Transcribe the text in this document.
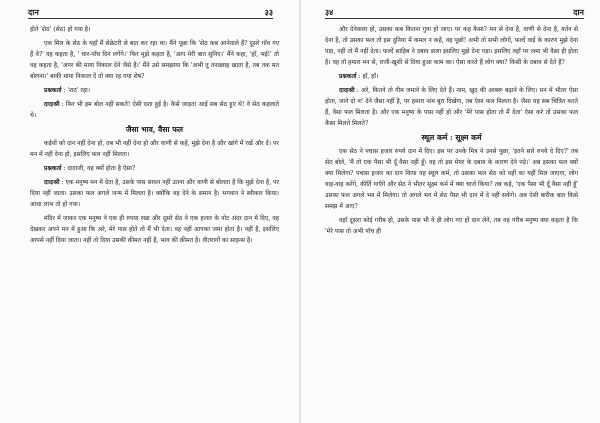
दान	३३

होते 'शेठ' (सेठ) हो गया है।

एक मिल के सेठ के यहाँ मैं सेक्रेटरी से बात कर रहा था। मैंने पूछा कि 'सेठ कब आनेवाले हैं? दूसरे गाँव गए हैं वे?' वह कहता है, ' चार-पाँच दिन लगेंगे।' फिर मुझे कहता है, 'आप मेरी बात सुनिए।' मैंने कहा, 'हाँ, भई!' तो वह कहता है, 'अपर की माया निकाल देने जैसे हैं।' मैंने उसे समझाया कि 'अभी तू तनख्वाह खाता है, तब तक मत बोलना।' बाकी माया निकाल दें तो क्या रह गया शेष?

प्रश्नकर्ता : 'शठ' रहा।

दादाश्री : फिर भी हम बोल नहीं सकते! ऐसी दशा हुई है। कैसे जाड़ता आई सब सेठ हुए थे! वे सेठ कहलाते थे।

जैसा भाव, वैसा फल

कईयों को दान नहीं देना हो, तब भी नहीं देना हो और वाणी से कहें, मुझे देना है और खांगे में रखें और दें। पर मन में नहीं देना हो, इसलिए फल नहीं मिलता।

प्रश्नकर्ता : दादाजी, वह क्यों होता है ऐसा?

दादाश्री : एक मनुष्य मन में देता है, उसके पास साधन नहीं उतना और वाणी से बोलता है कि मुझे देना है, पर दिया नहीं जाता। उसका फल अगले जन्म में मिलता है। क्योंकि वह देने के समान है। भगवान ने स्वीकार किया। आधा लाभ तो हो गया।

मंदिर में जाकर एक मनुष्य ने एक ही रुपया रखा और दूसरे सेठ ने एक हजार के नोट अंदर दान में दिए, वह देखकर अपने मन में हुआ कि अरे, मेरे पास होते तो मैं भी देता। वह नहीं आपका जमा होता है। नहीं है, इसलिए आपसे नहीं दिया जाता। नहीं तो दिया उसकी क़ीमत नहीं है, भाव की क़ीमत है। वीतरागों का साइन्स है।

३४	दान

और देनेवाला हो, उसका कब कितना गुना हो जाए। पर कह कैसा? मन से देना है, वाणी से देना है, वर्तन से देना है, तो उसका फल तो इस दुनिया में कमल न कहें, वह पूछो! अभी तो सभी लोगों, फल्दें वाई के कारण मुझे देना पड़ा, नहीं तो मैं नहीं देता। फल्दें साहिब ने दबाव डाला इसलिए मुझे देना पड़ा। इसलिए वहाँ पर जमा भी वैसा ही होता है। वह तो हमारा मन से, राजी-खुशी से दिया हुआ काम का। ऐसा करते हैं लोग क्या? किसी के दबाव से देते हैं?

प्रश्नकर्ता : हाँ, हाँ।

दादाश्री : अरे, कितने तो गीम जमाने के लिए देते हैं। नाम, खुद की आबरू बढ़ाने के लिए। मन में भीतर ऐसा होता, जाने दो न! देने जैसा नहीं है, पर हमारा नाम बुरा दिखेगा, तब ऐसा फल मिलता है। जैसा यह सब चित्रित करते हैं, वैसा फल मिलता है। और एक मनुष्य के पास नहीं हो और 'मेरे पास होता तो मैं देता' ऐसा करे तो उसका फल कैसा मिलते मिलते?

स्थूल कर्म : सूक्ष्म कर्म

एक सेठ ने पचास हजार रुपये दान में दिए। इस पर उनके मित्र ने उनसे पूछा, 'इतने सारे रुपये दे दिए?' तब सेठ बोले, 'मैं तो एक पैसा भी दूँ वैसा नहीं हूँ। वह तो इस मेयर के दबाव के कारण देने पड़े।' अब इसका फल क्यों क्या मिलेगा? पचास हजार का दान किया वह स्थूल कर्म, तो उसका फल सेठ को यहीं का यहीं मिल जाएगा, लोग वाह-वाह करेंगे, कीर्ति गाएँगे और सेठ ने भीतर सूक्ष्म कर्म में क्या चार्ज किया? तब कहे, 'एक पैसा भी दूँ वैसा नहीं हूँ' उसका फल अगले भव में मिलेगा। तो अगले भव में सेठ पैसा भी दान में दे नहीं सकेंगे। अब ऐसी बारीक बात किसे समझ में आए?

वहाँ दूसरा कोई गरीब हो, उसके पास भी वे ही लोग गए हों दान लेने, तब वह गरीब मनुष्य क्या कहता है कि 'मेरे पास तो अभी पाँच ही
